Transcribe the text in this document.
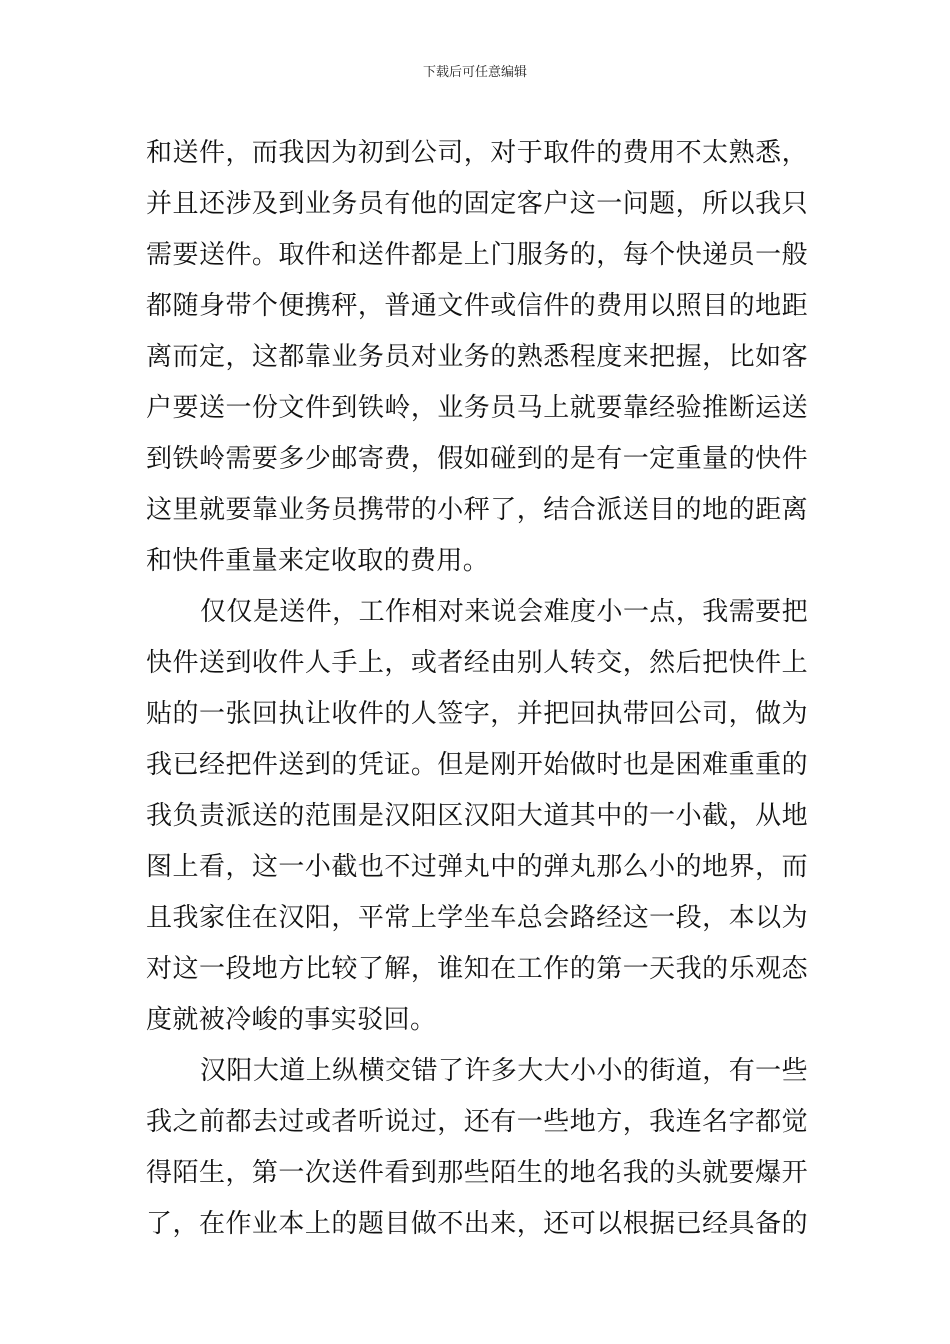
下载后可任意编辑
和送件，而我因为初到公司，对于取件的费用不太熟悉，
并且还涉及到业务员有他的固定客户这一问题，所以我只
需要送件。取件和送件都是上门服务的，每个快递员一般
都随身带个便携秤，普通文件或信件的费用以照目的地距
离而定，这都靠业务员对业务的熟悉程度来把握，比如客
户要送一份文件到铁岭，业务员马上就要靠经验推断运送
到铁岭需要多少邮寄费，假如碰到的是有一定重量的快件
这里就要靠业务员携带的小秤了，结合派送目的地的距离
和快件重量来定收取的费用。
仅仅是送件，工作相对来说会难度小一点，我需要把
快件送到收件人手上，或者经由别人转交，然后把快件上
贴的一张回执让收件的人签字，并把回执带回公司，做为
我已经把件送到的凭证。但是刚开始做时也是困难重重的
我负责派送的范围是汉阳区汉阳大道其中的一小截，从地
图上看，这一小截也不过弹丸中的弹丸那么小的地界，而
且我家住在汉阳，平常上学坐车总会路经这一段，本以为
对这一段地方比较了解，谁知在工作的第一天我的乐观态
度就被冷峻的事实驳回。
汉阳大道上纵横交错了许多大大小小的街道，有一些
我之前都去过或者听说过，还有一些地方，我连名字都觉
得陌生，第一次送件看到那些陌生的地名我的头就要爆开
了，在作业本上的题目做不出来，还可以根据已经具备的
